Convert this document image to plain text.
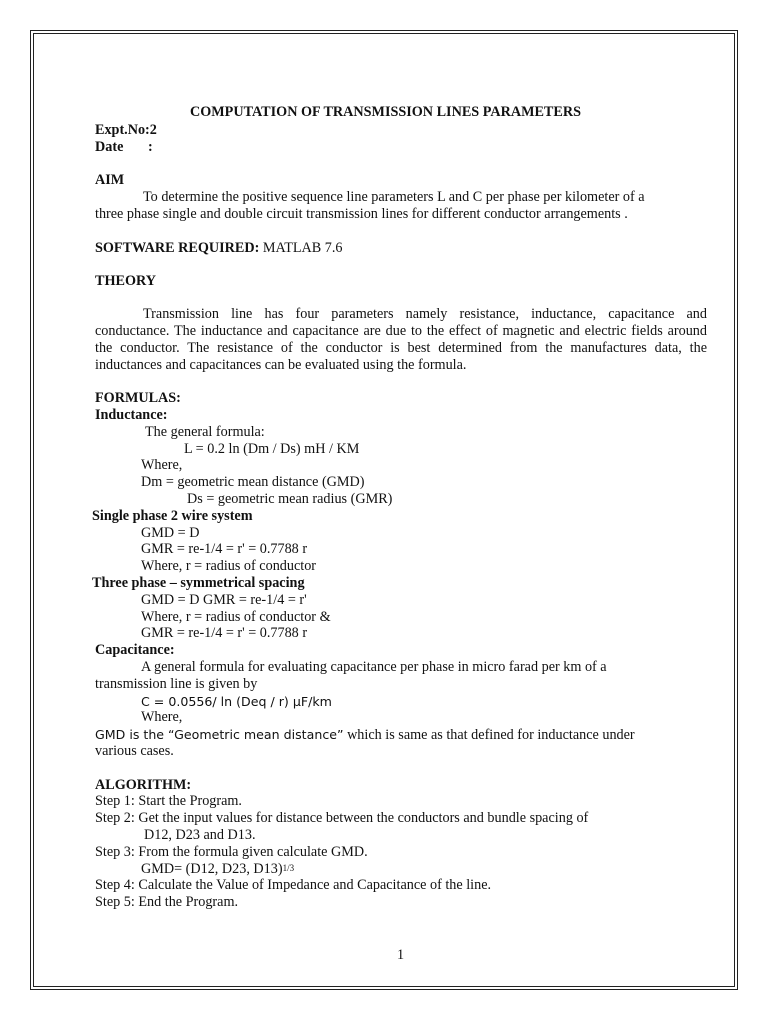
COMPUTATION OF TRANSMISSION LINES PARAMETERS
Expt.No:2
Date :
AIM
To determine the positive sequence line parameters L and C per phase per kilometer of a
three phase single and double circuit transmission lines for different conductor arrangements .
SOFTWARE REQUIRED: MATLAB 7.6
THEORY
Transmission line has four parameters namely resistance, inductance, capacitance and conductance. The inductance and capacitance are due to the effect of magnetic and electric fields around the conductor. The resistance of the conductor is best determined from the manufactures data, the inductances and capacitances can be evaluated using the formula.
FORMULAS:
Inductance:
The general formula:
L = 0.2 ln (Dm / Ds) mH / KM
Where,
Dm = geometric mean distance (GMD)
Ds = geometric mean radius (GMR)
Single phase 2 wire system
GMD = D
GMR = re-1/4 = r' = 0.7788 r
Where, r = radius of conductor
Three phase – symmetrical spacing
GMD = D GMR = re-1/4 = r'
Where, r = radius of conductor &
GMR = re-1/4 = r' = 0.7788 r
Capacitance:
A general formula for evaluating capacitance per phase in micro farad per km of a
transmission line is given by
C = 0.0556/ ln (Deq / r) μF/km
Where,
GMD is the “Geometric mean distance” which is same as that defined for inductance under
various cases.
ALGORITHM:
Step 1: Start the Program.
Step 2: Get the input values for distance between the conductors and bundle spacing of
D12, D23 and D13.
Step 3: From the formula given calculate GMD.
GMD= (D12, D23, D13)$^{1/3}$
Step 4: Calculate the Value of Impedance and Capacitance of the line.
Step 5: End the Program.
1
